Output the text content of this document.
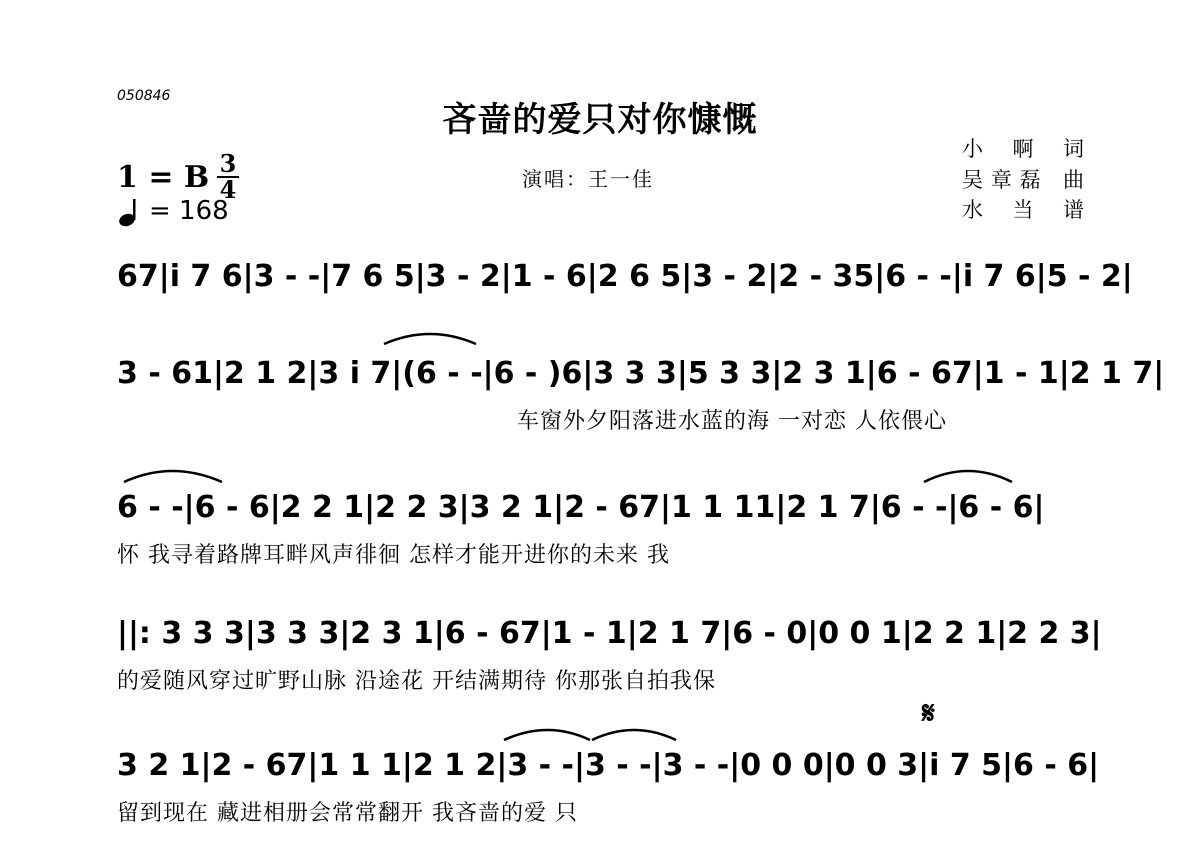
050846
吝啬的爱只对你慷慨
演唱：王一佳
小 啊 词
吴章磊 曲
水 当 谱
1 = B $\frac{3}{4}$
= 168
67|i 7 6|3 - -|7 6 5|3 - 2|1 - 6|2 6 5|3 - 2|2 - 35|6 - -|i 7 6|5 - 2|
3 - 61|2 1 2|3 i 7|(6 - -|6 - )6|3 3 3|5 3 3|2 3 1|6 - 67|1 - 1|2 1 7|
车窗外夕阳落进水蓝的海 一对恋 人依偎心
6 - -|6 - 6|2 2 1|2 2 3|3 2 1|2 - 67|1 1 11|2 1 7|6 - -|6 - 6|
怀 我寻着路牌耳畔风声徘徊 怎样才能开进你的未来 我
||: 3 3 3|3 3 3|2 3 1|6 - 67|1 - 1|2 1 7|6 - 0|0 0 1|2 2 1|2 2 3|
的爱随风穿过旷野山脉 沿途花 开结满期待 你那张自拍我保
𝄋
3 2 1|2 - 67|1 1 1|2 1 2|3 - -|3 - -|3 - -|0 0 0|0 0 3|i 7 5|6 - 6|
留到现在 藏进相册会常常翻开 我吝啬的爱 只
